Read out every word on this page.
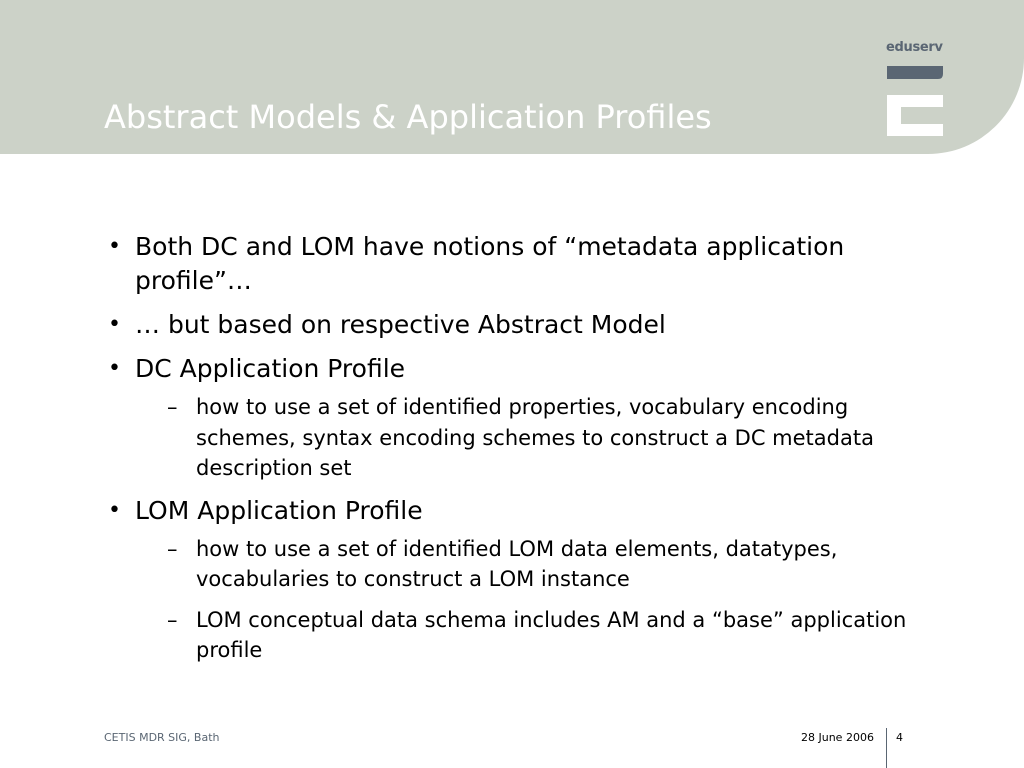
Abstract Models & Application Profiles
eduserv
• Both DC and LOM have notions of “metadata application profile”…
• … but based on respective Abstract Model
• DC Application Profile
– how to use a set of identified properties, vocabulary encoding schemes, syntax encoding schemes to construct a DC metadata description set
• LOM Application Profile
– how to use a set of identified LOM data elements, datatypes, vocabularies to construct a LOM instance
– LOM conceptual data schema includes AM and a “base” application profile
CETIS MDR SIG, Bath	28 June 2006 4
